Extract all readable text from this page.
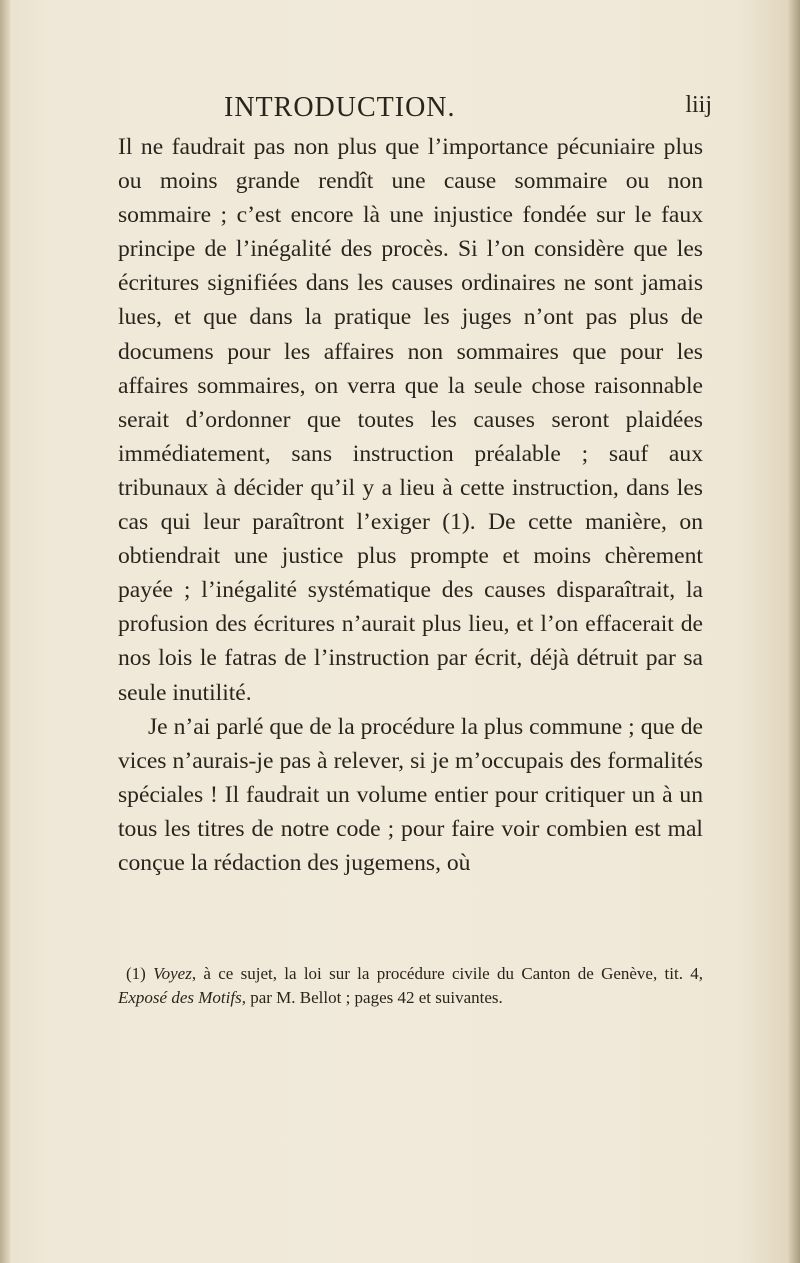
INTRODUCTION.	liij

Il ne faudrait pas non plus que l’importance pécuniaire plus ou moins grande rendît une cause sommaire ou non sommaire ; c’est encore là une injustice fondée sur le faux principe de l’inégalité des procès. Si l’on considère que les écritures signifiées dans les causes ordinaires ne sont jamais lues, et que dans la pratique les juges n’ont pas plus de documens pour les affaires non sommaires que pour les affaires sommaires, on verra que la seule chose raisonnable serait d’ordonner que toutes les causes seront plaidées immédiatement, sans instruction préalable ; sauf aux tribunaux à décider qu’il y a lieu à cette instruction, dans les cas qui leur paraîtront l’exiger (1). De cette manière, on obtiendrait une justice plus prompte et moins chèrement payée ; l’inégalité systématique des causes disparaîtrait, la profusion des écritures n’aurait plus lieu, et l’on effacerait de nos lois le fatras de l’instruction par écrit, déjà détruit par sa seule inutilité.

Je n’ai parlé que de la procédure la plus commune ; que de vices n’aurais-je pas à relever, si je m’occupais des formalités spéciales ! Il faudrait un volume entier pour critiquer un à un tous les titres de notre code ; pour faire voir combien est mal conçue la rédaction des jugemens, où

(1) Voyez, à ce sujet, la loi sur la procédure civile du Canton de Genève, tit. 4, Exposé des Motifs, par M. Bellot ; pages 42 et suivantes.
